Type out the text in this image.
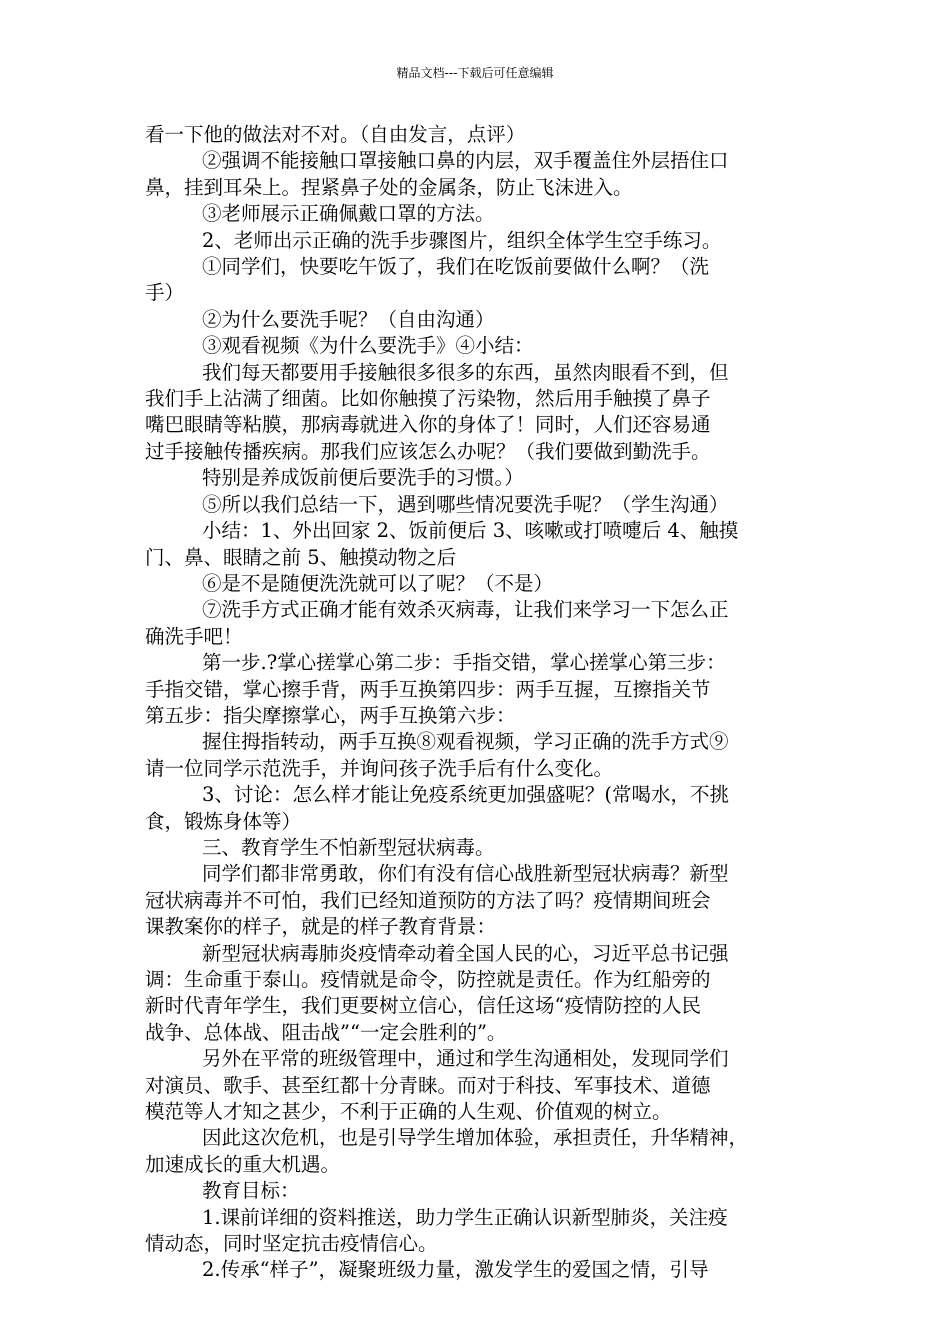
精品文档---下载后可任意编辑

看一下他的做法对不对。（自由发言，点评）

②强调不能接触口罩接触口鼻的内层，双手覆盖住外层捂住口

鼻，挂到耳朵上。捏紧鼻子处的金属条，防止飞沫进入。

③老师展示正确佩戴口罩的方法。

2、老师出示正确的洗手步骤图片，组织全体学生空手练习。

①同学们，快要吃午饭了，我们在吃饭前要做什么啊？（洗

手）

②为什么要洗手呢？（自由沟通）

③观看视频《为什么要洗手》④小结：

我们每天都要用手接触很多很多的东西，虽然肉眼看不到，但

我们手上沾满了细菌。比如你触摸了污染物，然后用手触摸了鼻子

嘴巴眼睛等粘膜，那病毒就进入你的身体了！同时，人们还容易通

过手接触传播疾病。那我们应该怎么办呢？（我们要做到勤洗手。

特别是养成饭前便后要洗手的习惯。）

⑤所以我们总结一下，遇到哪些情况要洗手呢？（学生沟通）

小结：1、外出回家 2、饭前便后 3、咳嗽或打喷嚏后 4、触摸

门、鼻、眼睛之前 5、触摸动物之后

⑥是不是随便洗洗就可以了呢？（不是）

⑦洗手方式正确才能有效杀灭病毒，让我们来学习一下怎么正

确洗手吧！

第一步.?掌心搓掌心第二步：手指交错，掌心搓掌心第三步：

手指交错，掌心擦手背，两手互换第四步：两手互握，互擦指关节

第五步：指尖摩擦掌心，两手互换第六步：

握住拇指转动，两手互换⑧观看视频，学习正确的洗手方式⑨

请一位同学示范洗手，并询问孩子洗手后有什么变化。

3、讨论：怎么样才能让免疫系统更加强盛呢？(常喝水，不挑

食，锻炼身体等）

三、教育学生不怕新型冠状病毒。

同学们都非常勇敢，你们有没有信心战胜新型冠状病毒？新型

冠状病毒并不可怕，我们已经知道预防的方法了吗？疫情期间班会

课教案你的样子，就是的样子教育背景：

新型冠状病毒肺炎疫情牵动着全国人民的心，习近平总书记强

调：生命重于泰山。疫情就是命令，防控就是责任。作为红船旁的

新时代青年学生，我们更要树立信心，信任这场“疫情防控的人民

战争、总体战、阻击战”“一定会胜利的”。

另外在平常的班级管理中，通过和学生沟通相处，发现同学们

对演员、歌手、甚至红都十分青睐。而对于科技、军事技术、道德

模范等人才知之甚少，不利于正确的人生观、价值观的树立。

因此这次危机，也是引导学生增加体验，承担责任，升华精神，

加速成长的重大机遇。

教育目标：

1.课前详细的资料推送，助力学生正确认识新型肺炎，关注疫

情动态，同时坚定抗击疫情信心。

2.传承“样子”，凝聚班级力量，激发学生的爱国之情，引导
